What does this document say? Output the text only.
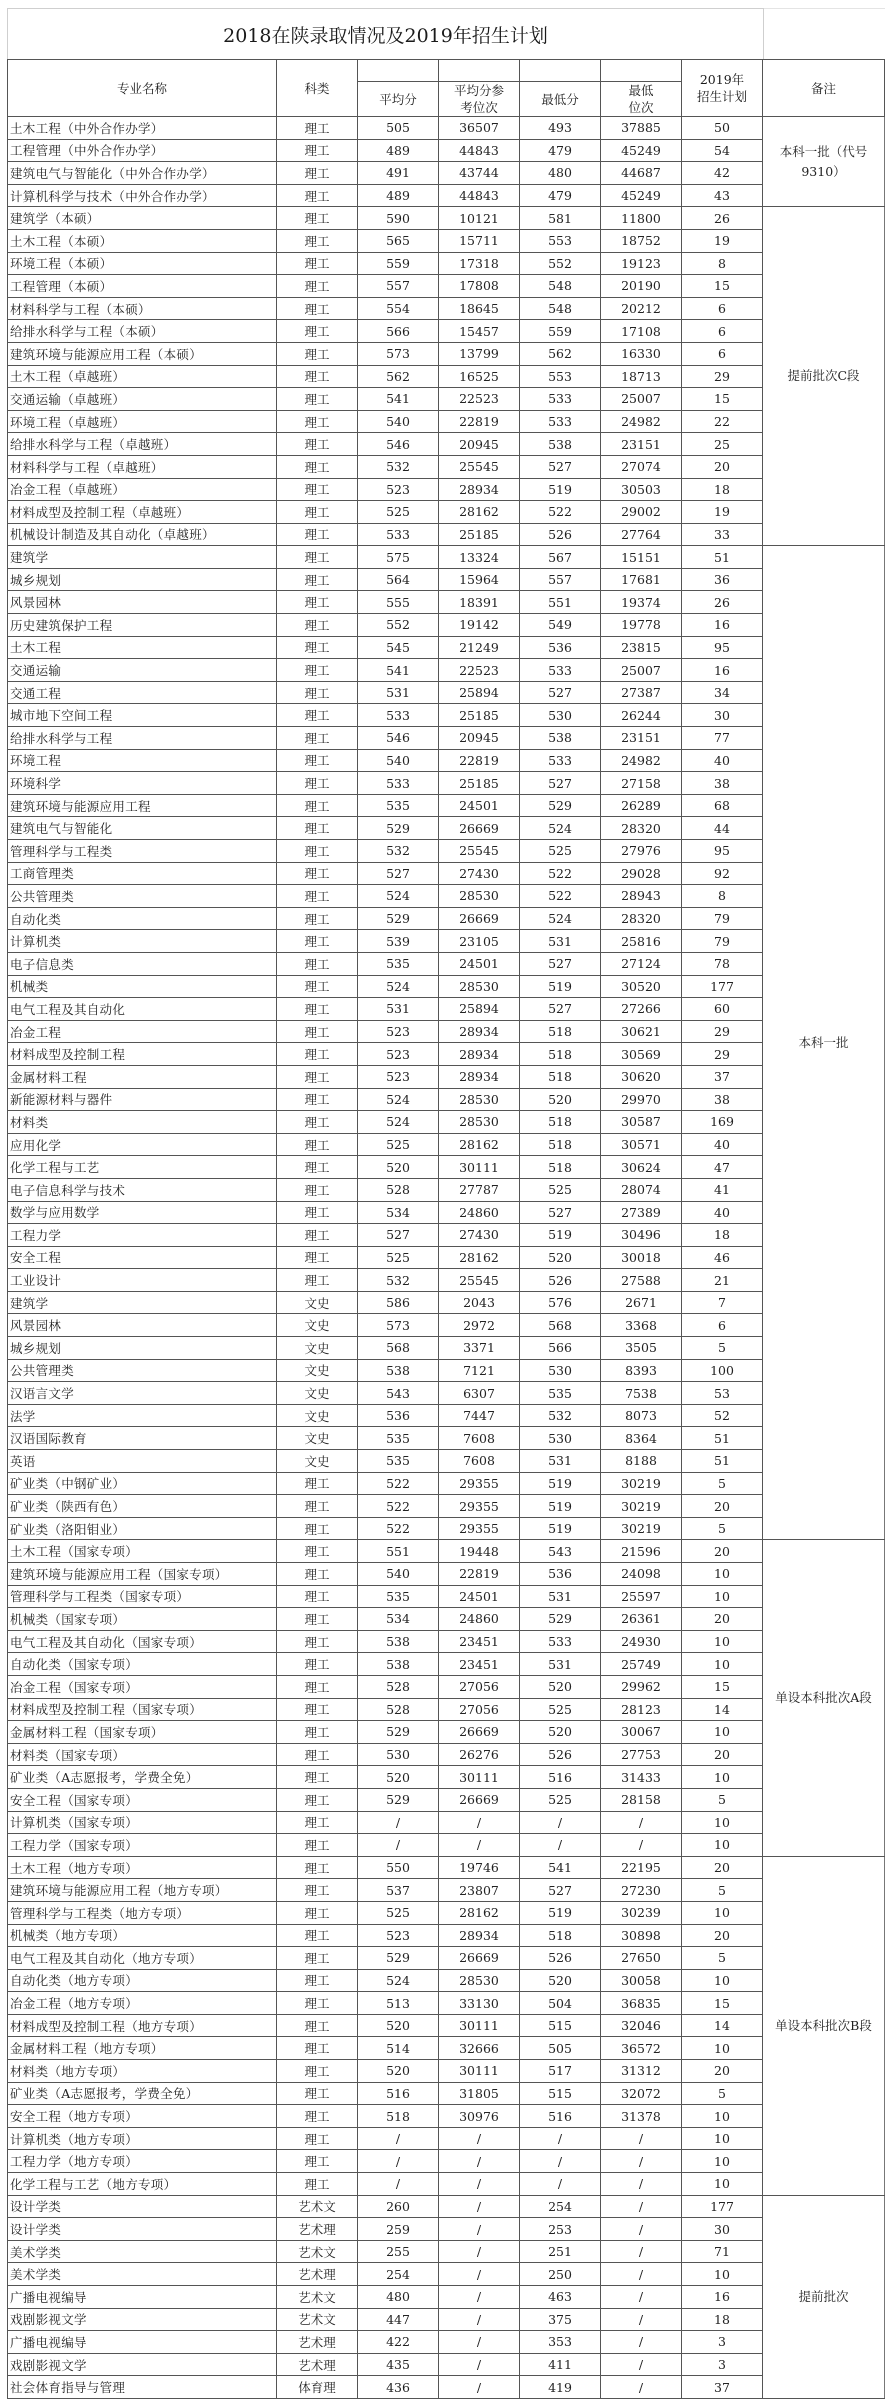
2018在陕录取情况及2019年招生计划
专业名称	科类					2019年招生计划	备注
		平均分	平均分参考位次	最低分	最低位次		
土木工程（中外合作办学）	理工	505	36507	493	37885	50	本科一批（代号9310）
工程管理（中外合作办学）	理工	489	44843	479	45249	54	
建筑电气与智能化（中外合作办学）	理工	491	43744	480	44687	42	
计算机科学与技术（中外合作办学）	理工	489	44843	479	45249	43	
建筑学（本硕）	理工	590	10121	581	11800	26	提前批次C段
土木工程（本硕）	理工	565	15711	553	18752	19	
环境工程（本硕）	理工	559	17318	552	19123	8	
工程管理（本硕）	理工	557	17808	548	20190	15	
材料科学与工程（本硕）	理工	554	18645	548	20212	6	
给排水科学与工程（本硕）	理工	566	15457	559	17108	6	
建筑环境与能源应用工程（本硕）	理工	573	13799	562	16330	6	
土木工程（卓越班）	理工	562	16525	553	18713	29	
交通运输（卓越班）	理工	541	22523	533	25007	15	
环境工程（卓越班）	理工	540	22819	533	24982	22	
给排水科学与工程（卓越班）	理工	546	20945	538	23151	25	
材料科学与工程（卓越班）	理工	532	25545	527	27074	20	
冶金工程（卓越班）	理工	523	28934	519	30503	18	
材料成型及控制工程（卓越班）	理工	525	28162	522	29002	19	
机械设计制造及其自动化（卓越班）	理工	533	25185	526	27764	33	
建筑学	理工	575	13324	567	15151	51	本科一批
城乡规划	理工	564	15964	557	17681	36	
风景园林	理工	555	18391	551	19374	26	
历史建筑保护工程	理工	552	19142	549	19778	16	
土木工程	理工	545	21249	536	23815	95	
交通运输	理工	541	22523	533	25007	16	
交通工程	理工	531	25894	527	27387	34	
城市地下空间工程	理工	533	25185	530	26244	30	
给排水科学与工程	理工	546	20945	538	23151	77	
环境工程	理工	540	22819	533	24982	40	
环境科学	理工	533	25185	527	27158	38	
建筑环境与能源应用工程	理工	535	24501	529	26289	68	
建筑电气与智能化	理工	529	26669	524	28320	44	
管理科学与工程类	理工	532	25545	525	27976	95	
工商管理类	理工	527	27430	522	29028	92	
公共管理类	理工	524	28530	522	28943	8	
自动化类	理工	529	26669	524	28320	79	
计算机类	理工	539	23105	531	25816	79	
电子信息类	理工	535	24501	527	27124	78	
机械类	理工	524	28530	519	30520	177	
电气工程及其自动化	理工	531	25894	527	27266	60	
冶金工程	理工	523	28934	518	30621	29	
材料成型及控制工程	理工	523	28934	518	30569	29	
金属材料工程	理工	523	28934	518	30620	37	
新能源材料与器件	理工	524	28530	520	29970	38	
材料类	理工	524	28530	518	30587	169	
应用化学	理工	525	28162	518	30571	40	
化学工程与工艺	理工	520	30111	518	30624	47	
电子信息科学与技术	理工	528	27787	525	28074	41	
数学与应用数学	理工	534	24860	527	27389	40	
工程力学	理工	527	27430	519	30496	18	
安全工程	理工	525	28162	520	30018	46	
工业设计	理工	532	25545	526	27588	21	
建筑学	文史	586	2043	576	2671	7	
风景园林	文史	573	2972	568	3368	6	
城乡规划	文史	568	3371	566	3505	5	
公共管理类	文史	538	7121	530	8393	100	
汉语言文学	文史	543	6307	535	7538	53	
法学	文史	536	7447	532	8073	52	
汉语国际教育	文史	535	7608	530	8364	51	
英语	文史	535	7608	531	8188	51	
矿业类（中钢矿业）	理工	522	29355	519	30219	5	
矿业类（陕西有色）	理工	522	29355	519	30219	20	
矿业类（洛阳钼业）	理工	522	29355	519	30219	5	
土木工程（国家专项）	理工	551	19448	543	21596	20	单设本科批次A段
建筑环境与能源应用工程（国家专项）	理工	540	22819	536	24098	10	
管理科学与工程类（国家专项）	理工	535	24501	531	25597	10	
机械类（国家专项）	理工	534	24860	529	26361	20	
电气工程及其自动化（国家专项）	理工	538	23451	533	24930	10	
自动化类（国家专项）	理工	538	23451	531	25749	10	
冶金工程（国家专项）	理工	528	27056	520	29962	15	
材料成型及控制工程（国家专项）	理工	528	27056	525	28123	14	
金属材料工程（国家专项）	理工	529	26669	520	30067	10	
材料类（国家专项）	理工	530	26276	526	27753	20	
矿业类（A志愿报考，学费全免）	理工	520	30111	516	31433	10	
安全工程（国家专项）	理工	529	26669	525	28158	5	
计算机类（国家专项）	理工	/	/	/	/	10	
工程力学（国家专项）	理工	/	/	/	/	10	
土木工程（地方专项）	理工	550	19746	541	22195	20	单设本科批次B段
建筑环境与能源应用工程（地方专项）	理工	537	23807	527	27230	5	
管理科学与工程类（地方专项）	理工	525	28162	519	30239	10	
机械类（地方专项）	理工	523	28934	518	30898	20	
电气工程及其自动化（地方专项）	理工	529	26669	526	27650	5	
自动化类（地方专项）	理工	524	28530	520	30058	10	
冶金工程（地方专项）	理工	513	33130	504	36835	15	
材料成型及控制工程（地方专项）	理工	520	30111	515	32046	14	
金属材料工程（地方专项）	理工	514	32666	505	36572	10	
材料类（地方专项）	理工	520	30111	517	31312	20	
矿业类（A志愿报考，学费全免）	理工	516	31805	515	32072	5	
安全工程（地方专项）	理工	518	30976	516	31378	10	
计算机类（地方专项）	理工	/	/	/	/	10	
工程力学（地方专项）	理工	/	/	/	/	10	
化学工程与工艺（地方专项）	理工	/	/	/	/	10	
设计学类	艺术文	260	/	254	/	177	提前批次
设计学类	艺术理	259	/	253	/	30	
美术学类	艺术文	255	/	251	/	71	
美术学类	艺术理	254	/	250	/	10	
广播电视编导	艺术文	480	/	463	/	16	
戏剧影视文学	艺术文	447	/	375	/	18	
广播电视编导	艺术理	422	/	353	/	3	
戏剧影视文学	艺术理	435	/	411	/	3	
社会体育指导与管理	体育理	436	/	419	/	37	
